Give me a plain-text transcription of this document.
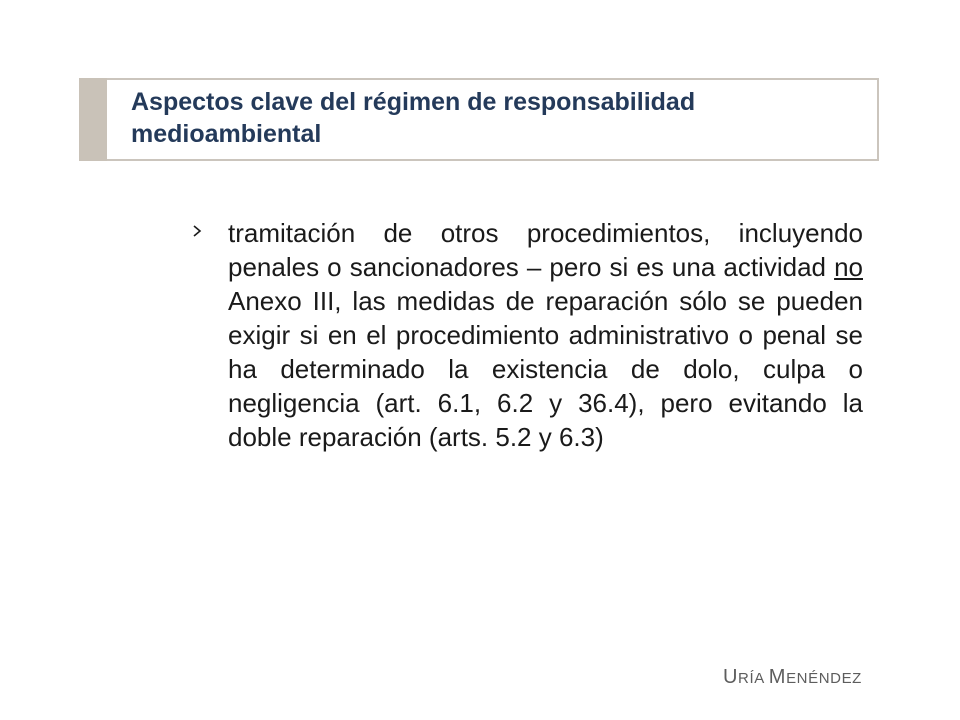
Aspectos clave del régimen de responsabilidad medioambiental

tramitación de otros procedimientos, incluyendo penales o sancionadores – pero si es una actividad no Anexo III, las medidas de reparación sólo se pueden exigir si en el procedimiento administrativo o penal se ha determinado la existencia de dolo, culpa o negligencia (art. 6.1, 6.2 y 36.4), pero evitando la doble reparación (arts. 5.2 y 6.3)

URÍA MENÉNDEZ
